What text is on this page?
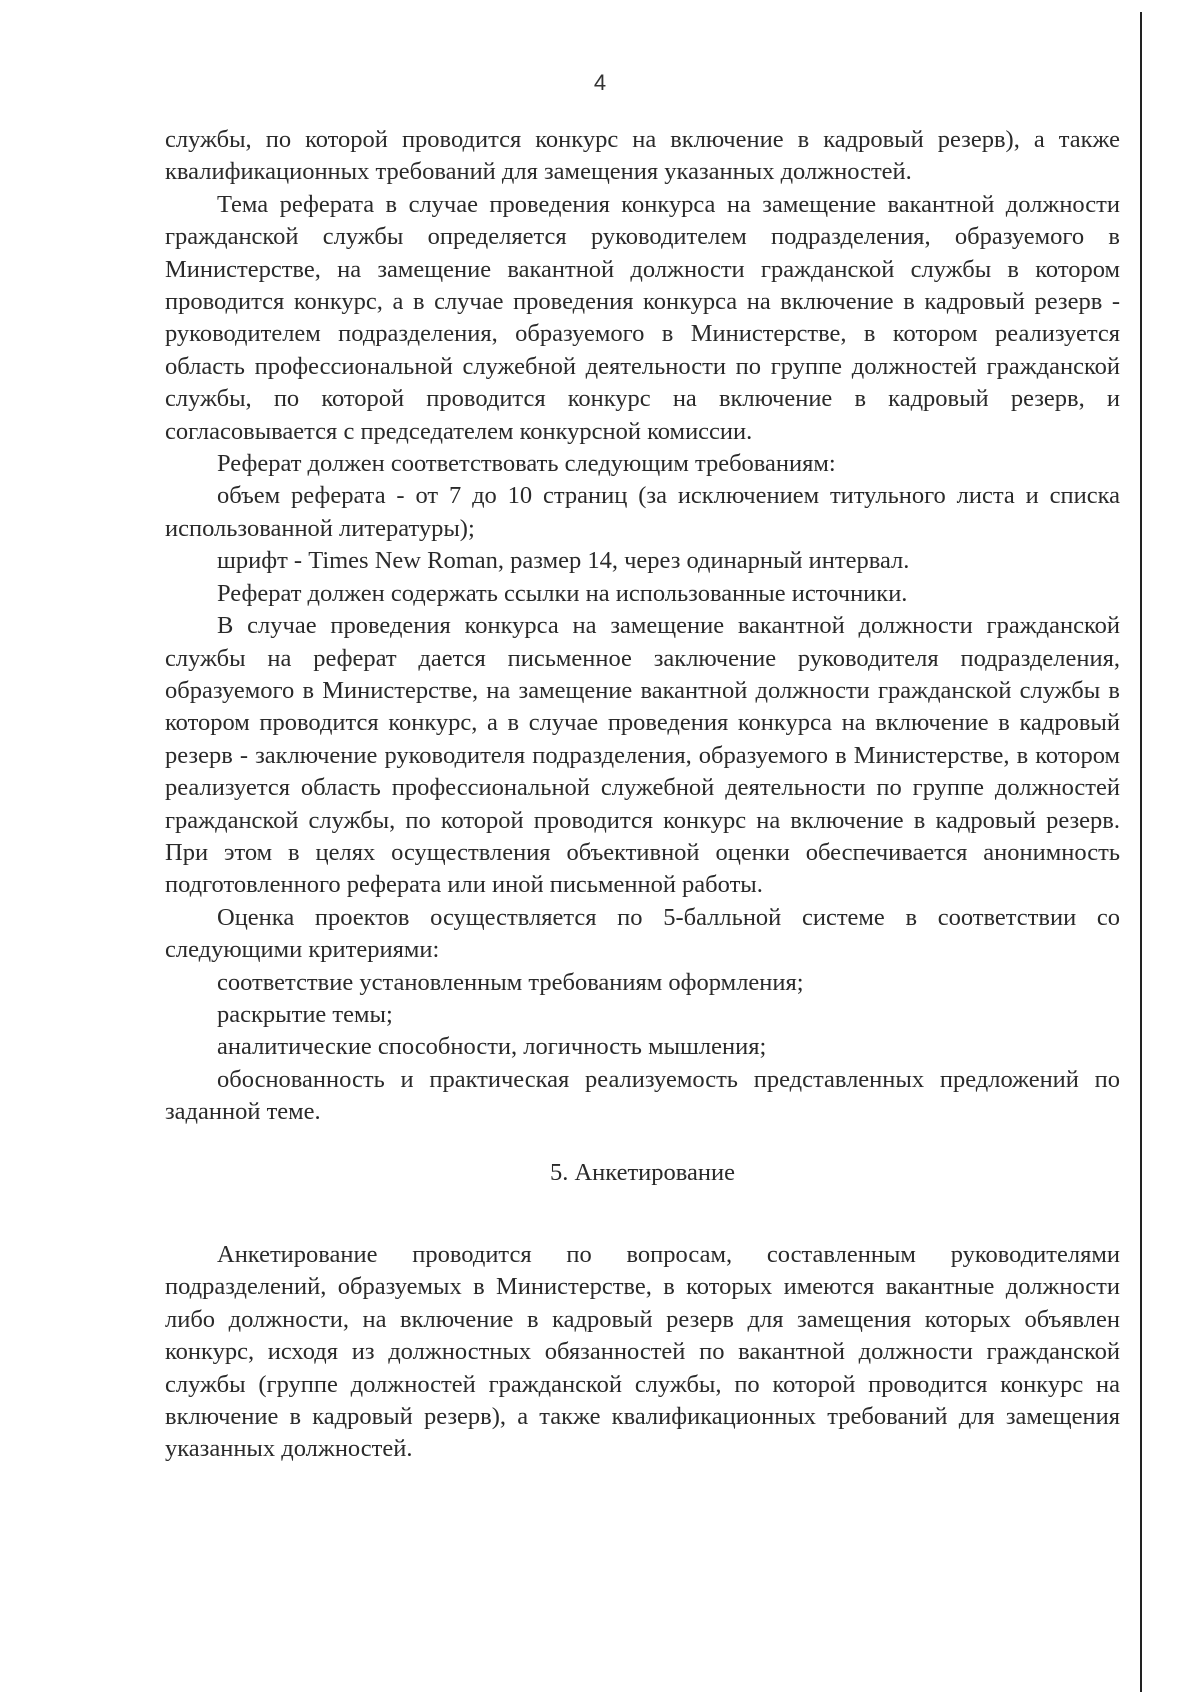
4

службы, по которой проводится конкурс на включение в кадровый резерв), а также квалификационных требований для замещения указанных должностей.

Тема реферата в случае проведения конкурса на замещение вакантной должности гражданской службы определяется руководителем подразделения, образуемого в Министерстве, на замещение вакантной должности гражданской службы в котором проводится конкурс, а в случае проведения конкурса на включение в кадровый резерв - руководителем подразделения, образуемого в Министерстве, в котором реализуется область профессиональной служебной деятельности по группе должностей гражданской службы, по которой проводится конкурс на включение в кадровый резерв, и согласовывается с председателем конкурсной комиссии.

Реферат должен соответствовать следующим требованиям:

объем реферата - от 7 до 10 страниц (за исключением титульного листа и списка использованной литературы);

шрифт - Times New Roman, размер 14, через одинарный интервал.

Реферат должен содержать ссылки на использованные источники.

В случае проведения конкурса на замещение вакантной должности гражданской службы на реферат дается письменное заключение руководителя подразделения, образуемого в Министерстве, на замещение вакантной должности гражданской службы в котором проводится конкурс, а в случае проведения конкурса на включение в кадровый резерв - заключение руководителя подразделения, образуемого в Министерстве, в котором реализуется область профессиональной служебной деятельности по группе должностей гражданской службы, по которой проводится конкурс на включение в кадровый резерв. При этом в целях осуществления объективной оценки обеспечивается анонимность подготовленного реферата или иной письменной работы.

Оценка проектов осуществляется по 5-балльной системе в соответствии со следующими критериями:

соответствие установленным требованиям оформления;

раскрытие темы;

аналитические способности, логичность мышления;

обоснованность и практическая реализуемость представленных предложений по заданной теме.

5. Анкетирование

Анкетирование проводится по вопросам, составленным руководителями подразделений, образуемых в Министерстве, в которых имеются вакантные должности либо должности, на включение в кадровый резерв для замещения которых объявлен конкурс, исходя из должностных обязанностей по вакантной должности гражданской службы (группе должностей гражданской службы, по которой проводится конкурс на включение в кадровый резерв), а также квалификационных требований для замещения указанных должностей.
